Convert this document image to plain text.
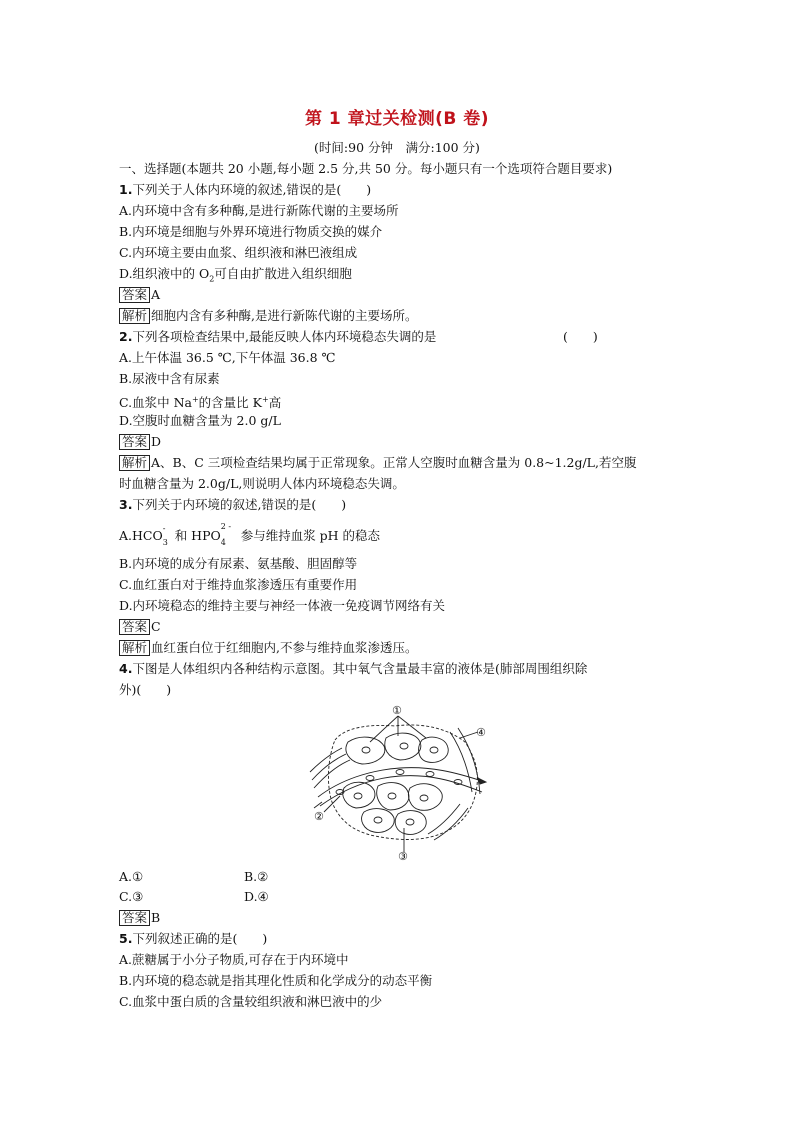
第 1 章过关检测(B 卷)
(时间:90 分钟　满分:100 分)
一、选择题(本题共 20 小题,每小题 2.5 分,共 50 分。每小题只有一个选项符合题目要求)
1.下列关于人体内环境的叙述,错误的是(　　)
A.内环境中含有多种酶,是进行新陈代谢的主要场所
B.内环境是细胞与外界环境进行物质交换的媒介
C.内环境主要由血浆、组织液和淋巴液组成
D.组织液中的 $O_2$可自由扩散进入组织细胞
答案 A
解析 细胞内含有多种酶,是进行新陈代谢的主要场所。
2.下列各项检查结果中,最能反映人体内环境稳态失调的是	(　　)
A.上午体温 36.5 ℃,下午体温 36.8 ℃
B.尿液中含有尿素
C.血浆中 Na+的含量比 K+高
D.空腹时血糖含量为 2.0 g/L
答案 D
解析 A、B、C 三项检查结果均属于正常现象。正常人空腹时血糖含量为 0.8~1.2g/L,若空腹
时血糖含量为 2.0g/L,则说明人体内环境稳态失调。
3.下列关于内环境的叙述,错误的是(　　)
A.HCO -
3 和 HPO
2 -
4 参与维持血浆 pH 的稳态
B.内环境的成分有尿素、氨基酸、胆固醇等
C.血红蛋白对于维持血浆渗透压有重要作用
D.内环境稳态的维持主要与神经一体液一免疫调节网络有关
答案 C
解析 血红蛋白位于红细胞内,不参与维持血浆渗透压。
4.下图是人体组织内各种结构示意图。其中氧气含量最丰富的液体是(肺部周围组织除
外)(　　)
①
②
③
④
A.①	B.②
C.③	D.④
答案 B
5.下列叙述正确的是(　　)
A.蔗糖属于小分子物质,可存在于内环境中
B.内环境的稳态就是指其理化性质和化学成分的动态平衡
C.血浆中蛋白质的含量较组织液和淋巴液中的少
